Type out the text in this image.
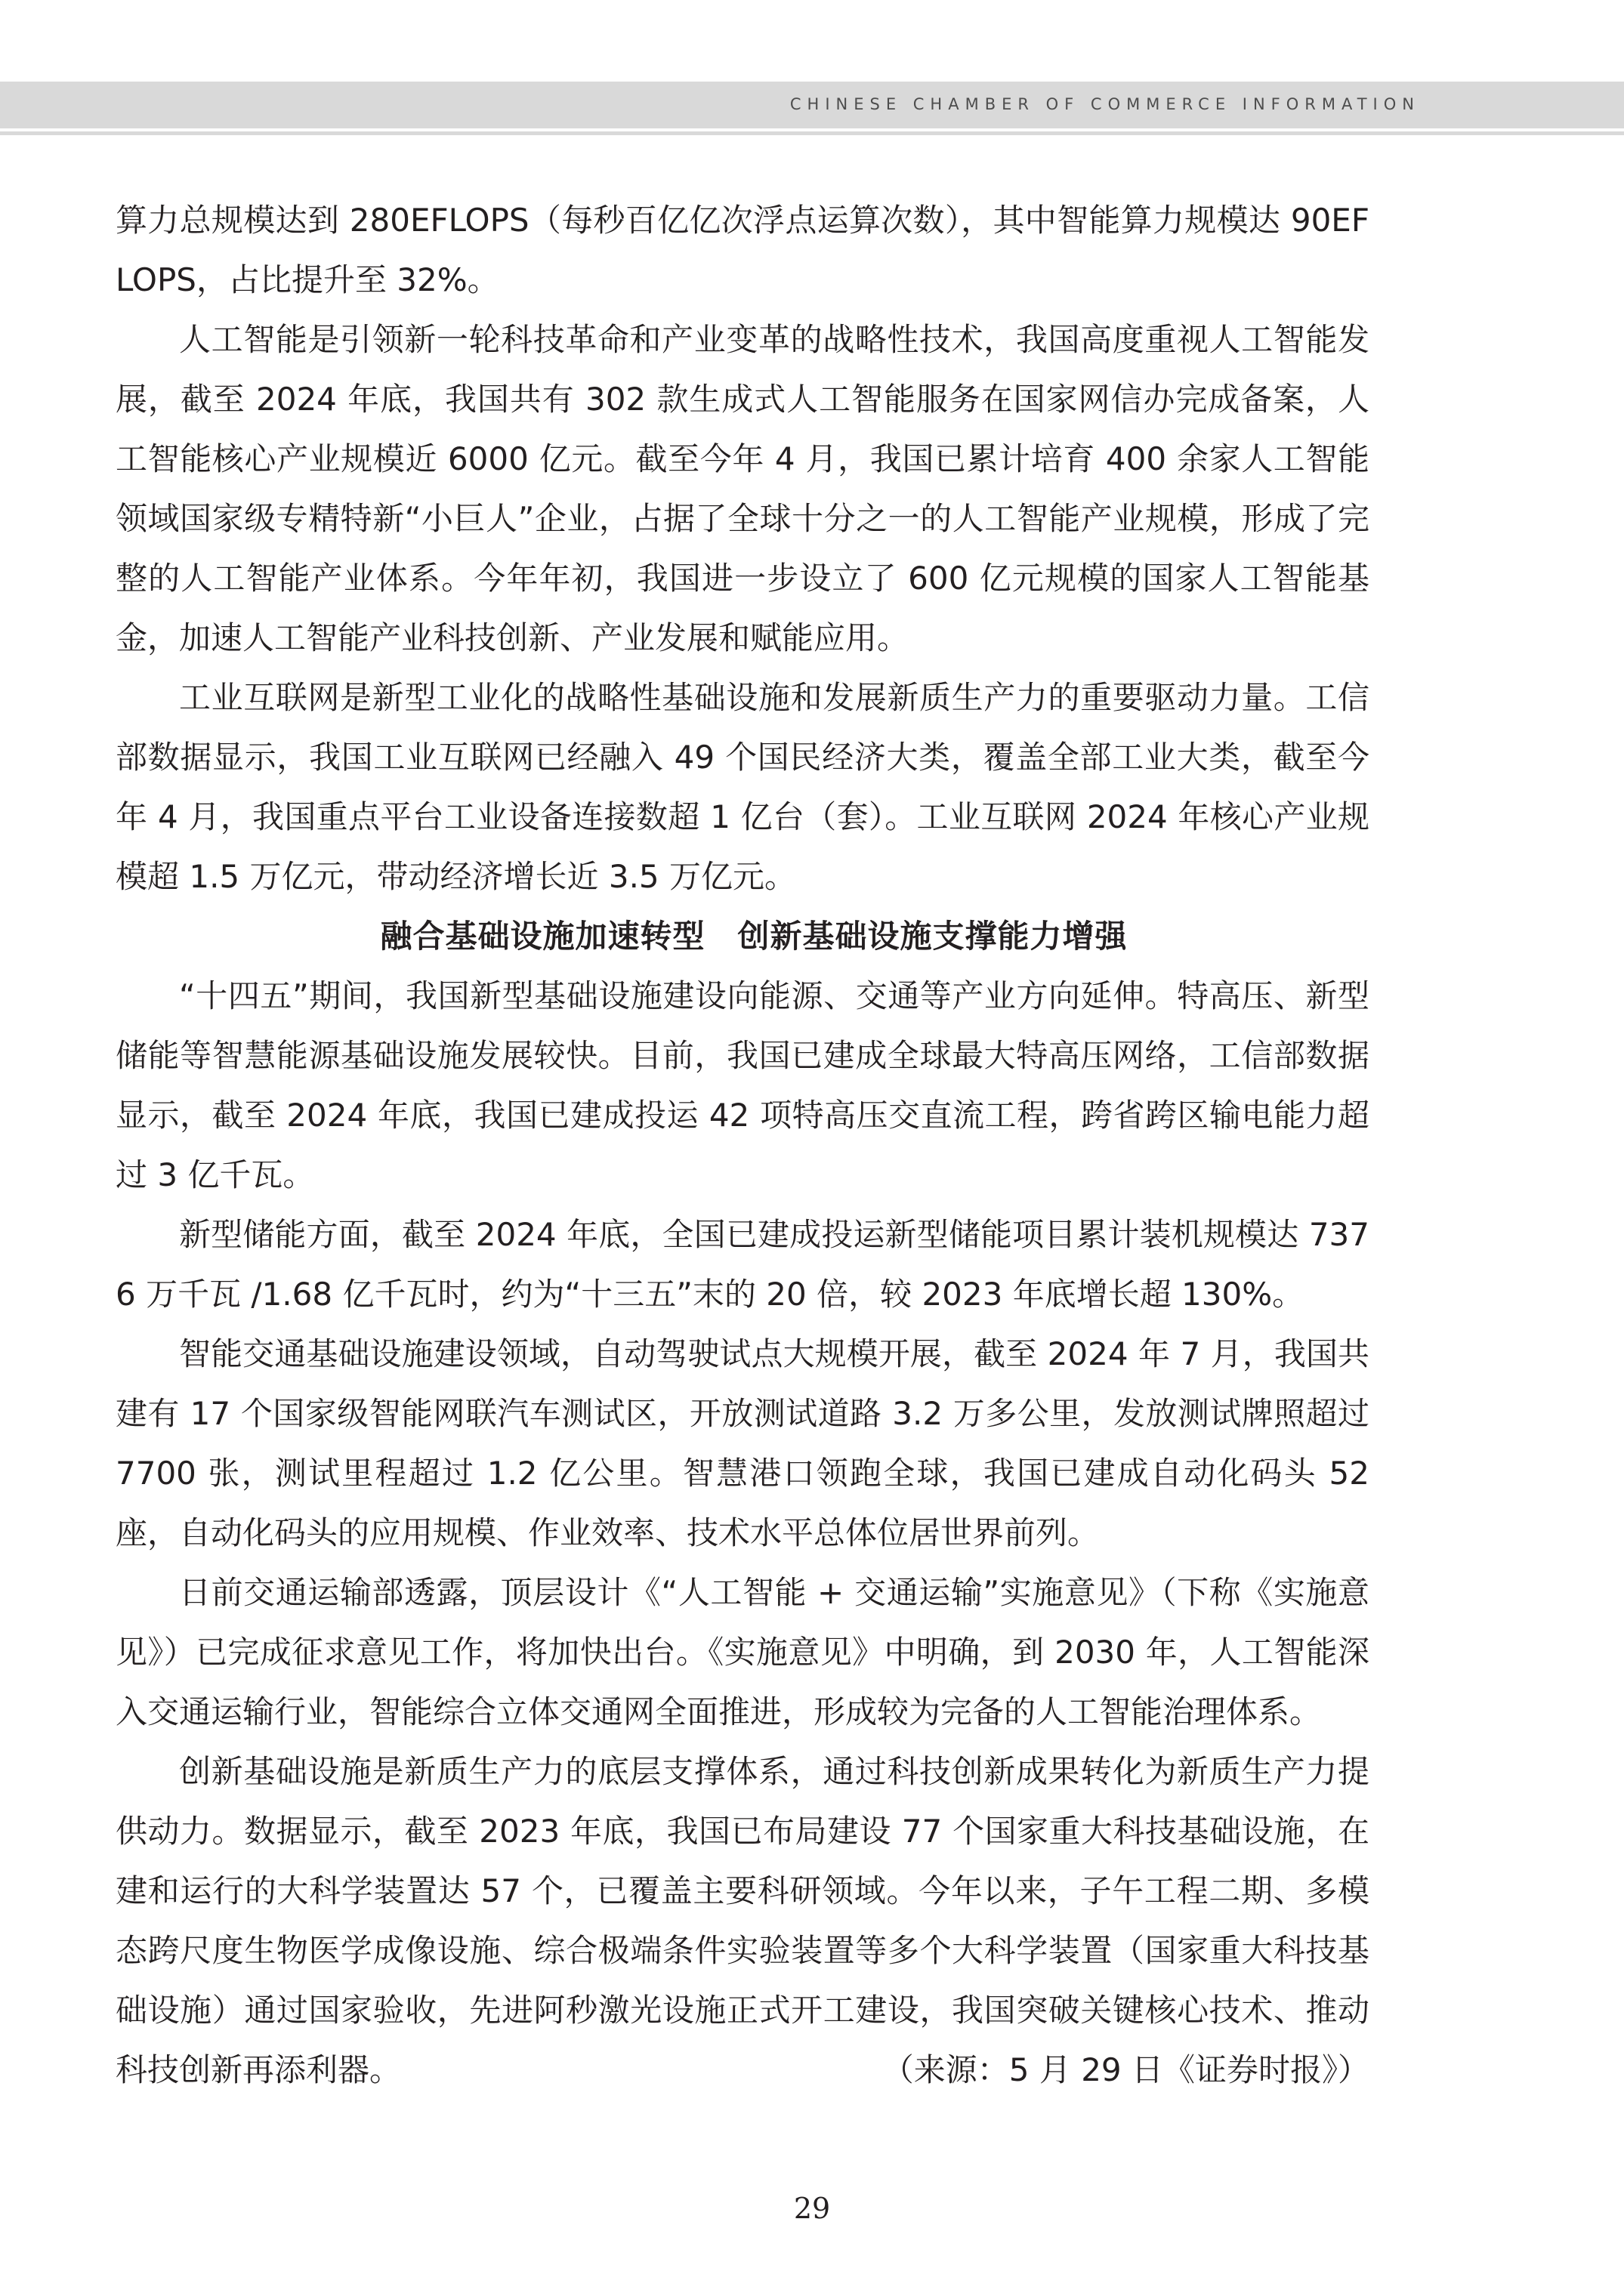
CHINESE CHAMBER OF COMMERCE INFORMATION

算力总规模达到 280EFLOPS（每秒百亿亿次浮点运算次数），其中智能算力规模达 90EFLOPS，占比提升至 32%。

人工智能是引领新一轮科技革命和产业变革的战略性技术，我国高度重视人工智能发展，截至 2024 年底，我国共有 302 款生成式人工智能服务在国家网信办完成备案，人工智能核心产业规模近 6000 亿元。截至今年 4 月，我国已累计培育 400 余家人工智能领域国家级专精特新“小巨人”企业，占据了全球十分之一的人工智能产业规模，形成了完整的人工智能产业体系。今年年初，我国进一步设立了 600 亿元规模的国家人工智能基金，加速人工智能产业科技创新、产业发展和赋能应用。

工业互联网是新型工业化的战略性基础设施和发展新质生产力的重要驱动力量。工信部数据显示，我国工业互联网已经融入 49 个国民经济大类，覆盖全部工业大类，截至今年 4 月，我国重点平台工业设备连接数超 1 亿台（套）。工业互联网 2024 年核心产业规模超 1.5 万亿元，带动经济增长近 3.5 万亿元。

融合基础设施加速转型　创新基础设施支撑能力增强

“十四五”期间，我国新型基础设施建设向能源、交通等产业方向延伸。特高压、新型储能等智慧能源基础设施发展较快。目前，我国已建成全球最大特高压网络，工信部数据显示，截至 2024 年底，我国已建成投运 42 项特高压交直流工程，跨省跨区输电能力超过 3 亿千瓦。

新型储能方面，截至 2024 年底，全国已建成投运新型储能项目累计装机规模达 7376 万千瓦 /1.68 亿千瓦时，约为“十三五”末的 20 倍，较 2023 年底增长超 130%。

智能交通基础设施建设领域，自动驾驶试点大规模开展，截至 2024 年 7 月，我国共建有 17 个国家级智能网联汽车测试区，开放测试道路 3.2 万多公里，发放测试牌照超过 7700 张，测试里程超过 1.2 亿公里。智慧港口领跑全球，我国已建成自动化码头 52 座，自动化码头的应用规模、作业效率、技术水平总体位居世界前列。

日前交通运输部透露，顶层设计《“人工智能 + 交通运输”实施意见》（下称《实施意见》）已完成征求意见工作，将加快出台。《实施意见》中明确，到 2030 年，人工智能深入交通运输行业，智能综合立体交通网全面推进，形成较为完备的人工智能治理体系。

创新基础设施是新质生产力的底层支撑体系，通过科技创新成果转化为新质生产力提供动力。数据显示，截至 2023 年底，我国已布局建设 77 个国家重大科技基础设施，在建和运行的大科学装置达 57 个，已覆盖主要科研领域。今年以来，子午工程二期、多模态跨尺度生物医学成像设施、综合极端条件实验装置等多个大科学装置（国家重大科技基础设施）通过国家验收，先进阿秒激光设施正式开工建设，我国突破关键核心技术、推动科技创新再添利器。	（来源：5 月 29 日《证券时报》）

29
